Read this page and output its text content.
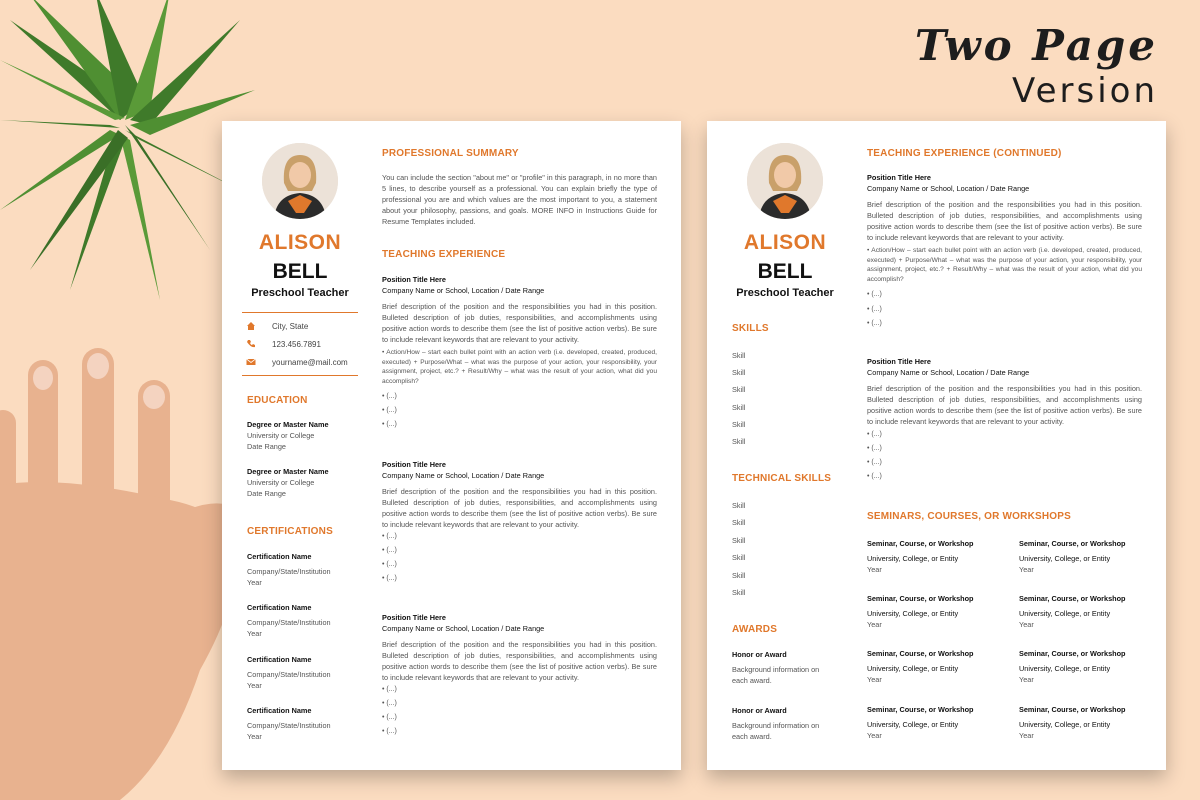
Two Page
Version
ALISON
BELL
Preschool Teacher
City, State
123.456.7891
yourname@mail.com
EDUCATION
Degree or Master Name
University or College
Date Range
Degree or Master Name
University or College
Date Range
CERTIFICATIONS
Certification Name
Company/State/Institution
Year
Certification Name
Company/State/Institution
Year
Certification Name
Company/State/Institution
Year
Certification Name
Company/State/Institution
Year
PROFESSIONAL SUMMARY
You can include the section "about me" or "profile" in this paragraph, in no more than 5 lines, to describe yourself as a professional. You can explain briefly the type of professional you are and which values are the most important to you, a statement about your philosophy, passions, and goals. MORE INFO in Instructions Guide for Resume Templates included.
TEACHING EXPERIENCE
Position Title Here
Company Name or School, Location / Date Range
Brief description of the position and the responsibilities you had in this position. Bulleted description of job duties, responsibilities, and accomplishments using positive action words to describe them (see the list of positive action verbs). Be sure to include relevant keywords that are relevant to your activity.
• Action/How – start each bullet point with an action verb (i.e. developed, created, produced, executed) + Purpose/What – what was the purpose of your action, your responsibility, your assignment, project, etc.? + Result/Why – what was the result of your action, what did you accomplish?
• (...)
• (...)
• (...)
Position Title Here
Company Name or School, Location / Date Range
Brief description of the position and the responsibilities you had in this position. Bulleted description of job duties, responsibilities, and accomplishments using positive action words to describe them (see the list of positive action verbs). Be sure to include relevant keywords that are relevant to your activity.
• (...)
• (...)
• (...)
• (...)
Position Title Here
Company Name or School, Location / Date Range
Brief description of the position and the responsibilities you had in this position. Bulleted description of job duties, responsibilities, and accomplishments using positive action words to describe them (see the list of positive action verbs). Be sure to include relevant keywords that are relevant to your activity.
• (...)
• (...)
• (...)
• (...)
ALISON
BELL
Preschool Teacher
SKILLS
Skill
Skill
Skill
Skill
Skill
Skill
TECHNICAL SKILLS
Skill
Skill
Skill
Skill
Skill
Skill
AWARDS
Honor or Award
Background information on
each award.
Honor or Award
Background information on
each award.
TEACHING EXPERIENCE (CONTINUED)
Position Title Here
Company Name or School, Location / Date Range
Brief description of the position and the responsibilities you had in this position. Bulleted description of job duties, responsibilities, and accomplishments using positive action words to describe them (see the list of positive action verbs). Be sure to include relevant keywords that are relevant to your activity.
• Action/How – start each bullet point with an action verb (i.e. developed, created, produced, executed) + Purpose/What – what was the purpose of your action, your responsibility, your assignment, project, etc.? + Result/Why – what was the result of your action, what did you accomplish?
• (...)
• (...)
• (...)
Position Title Here
Company Name or School, Location / Date Range
Brief description of the position and the responsibilities you had in this position. Bulleted description of job duties, responsibilities, and accomplishments using positive action words to describe them (see the list of positive action verbs). Be sure to include relevant keywords that are relevant to your activity.
• (...)
• (...)
• (...)
• (...)
SEMINARS, COURSES, OR WORKSHOPS
Seminar, Course, or Workshop
University, College, or Entity
Year
Seminar, Course, or Workshop
University, College, or Entity
Year
Seminar, Course, or Workshop
University, College, or Entity
Year
Seminar, Course, or Workshop
University, College, or Entity
Year
Seminar, Course, or Workshop
University, College, or Entity
Year
Seminar, Course, or Workshop
University, College, or Entity
Year
Seminar, Course, or Workshop
University, College, or Entity
Year
Seminar, Course, or Workshop
University, College, or Entity
Year
